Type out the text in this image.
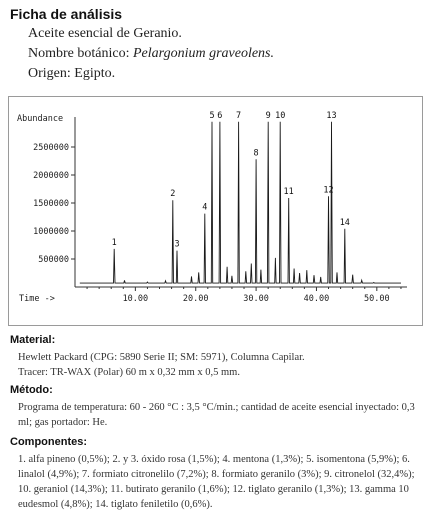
Ficha de análisis
Aceite esencial de Geranio.
Nombre botánico: Pelargonium graveolens.
Origen: Egipto.
Abundance
500000
1000000
1500000
2000000
2500000
10.00	20.00	30.00	40.00	50.00
Time ->
1
2
3
4
5 6 7
8
9 10
11	12
13
14
Material:
Hewlett Packard (CPG: 5890 Serie II; SM: 5971), Columna Capilar.
Tracer: TR-WAX (Polar) 60 m x 0,32 mm x 0,5 mm.
Método:
Programa de temperatura: 60 - 260 °C : 3,5 °C/min.; cantidad de aceite esencial inyectado: 0,3 ml; gas portador: He.
Componentes:
1. alfa pineno (0,5%); 2. y 3. óxido rosa (1,5%); 4. mentona (1,3%); 5. isomentona (5,9%); 6. linalol (4,9%); 7. formiato citronelilo (7,2%); 8. formiato geranilo (3%); 9. citronelol (32,4%); 10. geraniol (14,3%); 11. butirato geranilo (1,6%); 12. tiglato geranilo (1,3%); 13. gamma 10 eudesmol (4,8%); 14. tiglato feniletilo (0,6%).
